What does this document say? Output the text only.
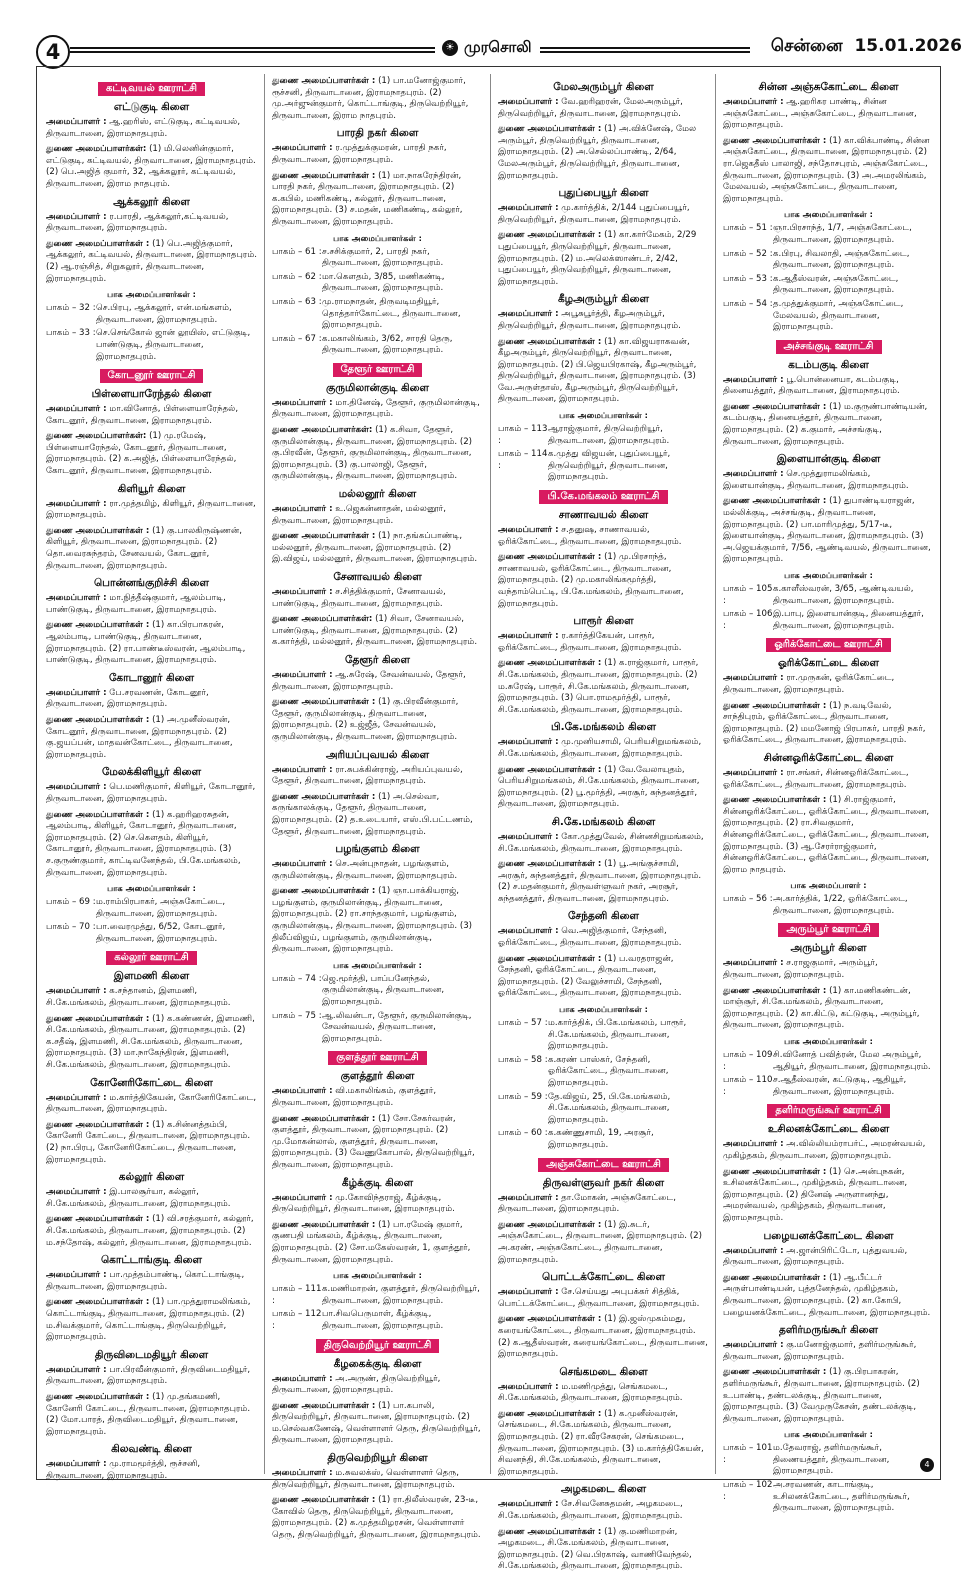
4	☀ முரசொலி	சென்னை 15.01.2026
கட்டிவயல் ஊராட்சி
எட்டுகுடி கிளை
அமைப்பாளர் : ஆ.ஹரிஸ், எட்டுகுடி, கட்டிவயல், திருவாடானை, இராமநாதபுரம்.
துணை அமைப்பாளர்கள்: (1) மி.லெனின்குமார், எட்டுகுடி, கட்டிவயல், திருவாடானை, இராமநாதபுரம். (2) பெ.அஜித் குமார், 32, ஆக்கலூர், கட்டிவயல், திருவாடானை, இராம நாதபுரம்.
ஆக்கலூர் கிளை
அமைப்பாளர் : ர.பாரதி, ஆக்கலூர்,கட்டிவயல், திருவாடானை, இராமநாதபுரம்.
துணை அமைப்பாளர்கள் : (1) பெ.அஜித்குமார், ஆக்கலூர், கட்டிவயல், திருவாடானை, இராமநாதபுரம். (2) ஆ.ரஞ்சித், சிறுகலூர், திருவாடானை, இராமநாதபுரம்.
பாக அமைப்பாளர்கள் :
பாகம் – 32 : செ.பிரபு, ஆக்கலூர், என்.மங்களம், திருவாடானை, இராமநாதபுரம்.
பாகம் – 33 : செ.செங்கோல் ஜான் லூயிஸ், எட்டுகுடி, பாண்டுகுடி, திருவாடானை, இராமநாதபுரம்.
கோடனூர் ஊராட்சி
பிள்ளையாரேந்தல் கிளை
அமைப்பாளர் : மா.வினோத், பிள்ளையாரேந்தல், கோடனூர், திருவாடானை, இராமநாதபுரம்.
துணை அமைப்பாளர்கள்: (1) மு.ரமேஷ், பிள்ளையாரேந்தல், கோடனூர், திருவாடானை, இராமநாதபுரம். (2) க.அஜித், பிள்ளையாரேந்தல், கோடனூர், திருவாடானை, இராமநாதபுரம்.
கிளியூர் கிளை
அமைப்பாளர் : ரா.முத்தமிழ், கிளியூர், திருவாடானை, இராமநாதபுரம்.
துணை அமைப்பாளர்கள் : (1) கு.பாலகிருஷ்ணன், கிளியூர், திருவாடானை, இராமநாதபுரம். (2) தொ.வைரசுந்தரம், சேனவயல், கோடனூர், திருவாடானை, இராமநாதபுரம்.
பொன்னங்குறிச்சி கிளை
அமைப்பாளர் : மா.நித்தீஷ்குமார், ஆலம்பாடி, பாண்டுகுடி, திருவாடானை, இராமநாதபுரம்.
துணை அமைப்பாளர்கள் : (1) கா.பிரபாகரன், ஆலம்பாடி, பாண்டுகுடி, திருவாடானை, இராமநாதபுரம். (2) ரா.பாண்டீஸ்வரன், ஆலம்பாடி, பாண்டுகுடி, திருவாடானை, இராமநாதபுரம்.
கோடானூர் கிளை
அமைப்பாளர் : பே.சரவணன், கோடனூர், திருவாடானை, இராமநாதபுரம்.
துணை அமைப்பாளர்கள் : (1) அ.முனீஸ்வரன், கோடனூர், திருவாடானை, இராமநாதபுரம். (2) கு.ஜயப்பன், மாதவன்கோட்டை, திருவாடானை, இராமநாதபுரம்.
மேலக்கிளியூர் கிளை
அமைப்பாளர் : பெ.மணிகுமார், கிளியூர், கோடானூர், திருவாடானை, இராமநாதபுரம்.
துணை அமைப்பாளர்கள் : (1) க.ஹரிஹரசுதன், ஆலம்பாடி, கிளியூர், கோடானூர், திருவாடானை, இராமநாதபுரம். (2) செ.கௌதம், கிளியூர், கோடானூர், திருவாடானை, இராமநாதபுரம். (3) ச.குருண்குமார், காட்டிவனேந்தல், பி.கே.மங்கலம், திருவாடானை, இராமநாதபுரம்.
பாக அமைப்பாளர்கள் :
பாகம் – 69 : ம.ராம்பிரபாகர், அஞ்சுகோட்டை, திருவாடானை, இராமநாதபுரம்.
பாகம் – 70 : பா.வைரமுத்து, 6/52, கோடனூர், திருவாடானை, இராமநாதபுரம்.
கல்லூர் ஊராட்சி
இளமணி கிளை
அமைப்பாளர் : க.சந்தானம், இளமணி, சி.கே.மங்கலம், திருவாடானை, இராமநாதபுரம்.
துணை அமைப்பாளர்கள் : (1) க.கண்ணன், இளமணி, சி.கே.மங்கலம், திருவாடானை, இராமநாதபுரம். (2) க.சதீஷ், இளமணி, சி.கே.மங்கலம், திருவாடானை, இராமநாதபுரம். (3) மா.நாகேந்திரன், இளமணி, சி.கே.மங்கலம், திருவாடானை, இராமநாதபுரம்.
கோனேரிகோட்டை கிளை
அமைப்பாளர் : ம.கார்த்திகேயன், கோனேரிகோட்டை, திருவாடானை, இராமநாதபுரம்.
துணை அமைப்பாளர்கள் : (1) க.சின்னத்தம்பி, கோனேரி கோட்டை, திருவாடானை, இராமநாதபுரம். (2) நா.பிரபு, கோனேரிகோட்டை, திருவாடானை, இராமநாதபுரம்.
கல்லூர் கிளை
அமைப்பாளர் : இ.பாலசூர்யா, கல்லூர், சி.கே.மங்கலம், திருவாடானை, இராமநாதபுரம்.
துணை அமைப்பாளர்கள் : (1) வி.சரத்குமார், கல்லூர், சி.கே.மங்கலம், திருவாடானை, இராமநாதபுரம். (2) ம.சந்தோஷ், கல்லூர், திருவாடானை, இராமநாதபுரம்.
கொட்டாங்குடி கிளை
அமைப்பாளர் : பா.முத்தம்பாண்டி, கொட்டாங்குடி, திருவாடானை, இராமநாதபுரம்.
துணை அமைப்பாளர்கள் : (1) பா.முத்துராமலிங்கம், கொட்டாங்குடி, திருவாடானை, இராமநாதபுரம். (2) ம.சிவக்குமார், கொட்டாங்குடி, திருவெற்றியூர், இராமநாதபுரம்.
திருவிடைமதியூர் கிளை
அமைப்பாளர் : பா.பிரவீன்குமார், திருவிடைமதியூர், திருவாடானை, இராமநாதபுரம்.
துணை அமைப்பாளர்கள் : (1) மு.தங்கமணி, கோனேரி கோட்டை, திருவாடானை, இராமநாதபுரம். (2) மோ.பாரத், திருவிடைமதியூர், திருவாடானை, இராமநாதபுரம்.
கிலவண்டி கிளை
அமைப்பாளர் : மு.ராமமூர்த்தி, ரூச்சனி, திருவாடானை, இராமநாதபுரம்.
துணை அமைப்பாளர்கள் : (1) பா.மனோஜ்குமார், ரூச்சனி, திருவாடானை, இராமநாதபுரம். (2) மு.அர்ஜுன்குமார், கொட்டாங்குடி, திருவெற்றியூர், திருவாடானை, இராம நாதபுரம்.
பாரதி நகர் கிளை
அமைப்பாளர் : ர.முத்துக்குமரன், பாரதி நகர், திருவாடானை, இராமநாதபுரம்.
துணை அமைப்பாளர்கள் : (1) மா.நாகரேந்திரன், பாரதி நகர், திருவாடானை, இராமநாதபுரம். (2) க.கபில், மணிகண்டி, கல்லூர், திருவாடானை, இராமநாதபுரம். (3) ச.மதன், மணிகண்டி, கல்லூர், திருவாடானை, இராமநாதபுரம்.
பாக அமைப்பாளர்கள் :
பாகம் – 61 : ச.சசிக்குமார், 2, பாரதி நகர், திருவாடானை, இராமநாதபுரம்.
பாகம் – 62 : மா.கௌதம், 3/85, மணிகண்டி, திருவாடானை, இராமநாதபுரம்.
பாகம் – 63 : மு.ராமநாதன், திருவடிமதியூர், தொத்தார்கோட்டை, திருவாடானை, இராமநாதபுரம்.
பாகம் – 67 : க.மகாலிங்கம், 3/62, சாரதி தெரு, திருவாடானை, இராமநாதபுரம்.
தேளூர் ஊராட்சி
குருமிலான்குடி கிளை
அமைப்பாளர் : மா.தினேஷ், தேளூர், குருமிலான்குடி, திருவாடானை, இராமநாதபுரம்.
துணை அமைப்பாளர்கள்: (1) க.சிவா, தேளூர், குருமிலான்குடி, திருவாடானை, இராமநாதபுரம். (2) கு.பிரவீன், தேளூர், குருமிலான்குடி, திருவாடானை, இராமநாதபுரம். (3) கு.பாலாஜி, தேளூர், குருமிலான்குடி, திருவாடானை, இராமநாதபுரம்.
மல்லனூர் கிளை
அமைப்பாளர் : உ.ஜெகன்னாதன், மல்லனூர், திருவாடானை, இராமநாதபுரம்.
துணை அமைப்பாளர்கள் : (1) நா.தங்கப்பாண்டி, மல்லனூர், திருவாடானை, இராமநாதபுரம். (2) இ.விஜய், மல்லனூர், திருவாடானை, இராமநாதபுரம்.
சேனாவயல் கிளை
அமைப்பாளர் : ச.சித்திக்குமார், சேனாவயல், பாண்டுகுடி, திருவாடானை, இராமநாதபுரம்.
துணை அமைப்பாளர்கள்: (1) சிவா, சேனாவயல், பாண்டுகுடி, திருவாடானை, இராமநாதபுரம். (2) க.கார்த்தி, மல்லனூர், திருவாடானை, இராமநாதபுரம்.
தேளூர் கிளை
அமைப்பாளர் : ஆ.சுரேஷ், சேவன்வயல், தேளூர், திருவாடானை, இராமநாதபுரம்.
துணை அமைப்பாளர்கள் : (1) கு.பிரவீன்குமார், தேளூர், குருமிலான்குடி, திருவாடானை, இராமநாதபுரம். (2) உஜ்ஜீத், சேவன்வயல், குருமிலான்குடி, திருவாடானை, இராமநாதபுரம்.
அரியப்புவயல் கிளை
அமைப்பாளர் : ரா.சுபக்கின்ராஜ், அரியப்புவயல், தேளூர், திருவாடானை, இராமநாதபுரம்.
துணை அமைப்பாளர்கள் : (1) அ.செல்வா, கருங்காலக்குடி, தேளூர், திருவாடானை, இராமநாதபுரம். (2) த.உடையார், எஸ்.பி.பட்டணம், தேளூர், திருவாடானை, இராமநாதபுரம்.
பழங்குளம் கிளை
அமைப்பாளர் : செ.அன்புநாதன், பழங்குளம், குருமிலான்குடி, திருவாடானை, இராமநாதபுரம்.
துணை அமைப்பாளர்கள் : (1) ஞா.பாக்கியராஜ், பழங்குளம், குருமிலான்குடி, திருவாடானை, இராமநாதபுரம். (2) ரா.சாந்தகுமார், பழங்குளம், குருமிலான்குடி, திருவாடானை, இராமநாதபுரம். (3) திலீப்விஜய், பழங்குளம், குருமிலான்குடி, திருவாடானை, இராமநாதபுரம்.
பாக அமைப்பாளர்கள் :
பாகம் – 74 : ஜெ.மூர்த்தி, பாப்பனேந்தல், குருமிலான்குடி, திருவாடானை, இராமநாதபுரம்.
பாகம் – 75 : ஆ.லிவன்டா, தேளூர், குருமிலான்குடி, சேவன்வயல், திருவாடானை, இராமநாதபுரம்.
குளத்தூர் ஊராட்சி
குளத்தூர் கிளை
அமைப்பாளர் : வி.மகாலிங்கம், குளத்தூர், திருவாடானை, இராமநாதபுரம்.
துணை அமைப்பாளர்கள் : (1) சோ.சேகர்வரன், குளத்தூர், திருவாடானை, இராமநாதபுரம். (2) மு.மோகன்லால், குளத்தூர், திருவாடானை, இராமநாதபுரம். (3) வேணுகோபால், திருவெற்றியூர், திருவாடானை, இராமநாதபுரம்.
கீழ்க்குடி கிளை
அமைப்பாளர் : மு.கோவிந்தராஜ், கீழ்க்குடி, திருவெற்றியூர், திருவாடானை, இராமநாதபுரம்.
துணை அமைப்பாளர்கள் : (1) பா.ரமேஷ் குமார், குணபதி மங்கலம், கீழ்க்குடி, திருவாடானை, இராமநாதபுரம். (2) சோ.மகேஸ்வரன், 1, குளத்தூர், திருவாடானை, இராமநாதபுரம்.
பாக அமைப்பாளர்கள் :
பாகம் – 111 :
க.மணிமாறன், குளத்தூர், திருவெற்றியூர், திருவாடானை, இராமநாதபுரம்.
பாகம் – 112 :
பா.சிவபெருமாள், கீழ்க்குடி, திருவாடானை, இராமநாதபுரம்.
திருவெற்றியூர் ஊராட்சி
கீழகைக்குடி கிளை
அமைப்பாளர் : அ.அருண், திருவெற்றியூர், திருவாடானை, இராமநாதபுரம்.
துணை அமைப்பாளர்கள் : (1) பா.கபாலி, திருவெற்றியூர், திருவாடானை, இராமநாதபுரம். (2) ம.செல்வகணேஷ், வெள்ளாளர் தெரு, திருவெற்றியூர், திருவாடானை, இராமநாதபுரம்.
திருவெற்றியூர் கிளை
அமைப்பாளர் : ம.சுவலக்ஸ், வெள்ளாளர் தெரு, திருவெற்றியூர், திருவாடானை, இராமநாதபுரம்.
துணை அமைப்பாளர்கள் : (1) ரா.திலீஸ்வரன், 23-டீ, கோவில் தெரு, திருவெற்றியூர், திருவாடானை, இராமநாதபுரம். (2) க.முத்தமிழரசன், வெள்ளாளர் தெரு, திருவெற்றியூர், திருவாடானை, இராமநாதபுரம்.
மேலஅரும்பூர் கிளை
அமைப்பாளர் : வே.ஹரிஹரன், மேலஅரும்பூர், திருவெற்றியூர், திருவாடானை, இராமநாதபுரம்.
துணை அமைப்பாளர்கள் : (1) அ.விக்னேஷ், மேல அரும்பூர், திருவெற்றியூர், திருவாடானை, இராமநாதபுரம். (2) அ.செல்லப்பாண்டி, 2/64, மேலஅரும்பூர், திருவெற்றியூர், திருவாடானை, இராமநாதபுரம்.
புதுப்பையூர் கிளை
அமைப்பாளர் : மு.கார்த்திக், 2/144 புதுப்பையூர், திருவெற்றியூர், திருவாடானை, இராமநாதபுரம்.
துணை அமைப்பாளர்கள் : (1) கா.கார்மேகம், 2/29 புதுப்பையூர், திருவெற்றியூர், திருவாடானை, இராமநாதபுரம். (2) ம.அலெக்ஸாண்டர், 2/42, புதுப்பையூர், திருவெற்றியூர், திருவாடானை, இராமநாதபுரம்.
கீழஅரும்பூர் கிளை
அமைப்பாளர் : அபூசுபூர்த்தி, கீழஅரும்பூர், திருவெற்றியூர், திருவாடானை, இராமநாதபுரம்.
துணை அமைப்பாளர்கள் : (1) கா.விஜயராகவன், கீழஅரும்பூர், திருவெற்றியூர், திருவாடானை, இராமநாதபுரம். (2) பி.ஜெயபிரகாஷ், கீழஅரும்பூர், திருவெற்றியூர், திருவாடானை, இராமநாதபுரம். (3) வே.அருள்தாஸ், கீழஅரும்பூர், திருவெற்றியூர், திருவாடானை, இராமநாதபுரம்.
பாக அமைப்பாளர்கள் :
பாகம் – 113 :
ஆராஜ்குமார், திருவெற்றியூர், திருவாடானை, இராமநாதபுரம்.
பாகம் – 114 :
க.முத்து விஜயன், புதுப்பையூர், திருவெற்றியூர், திருவாடானை, இராமநாதபுரம்.
பி.கே.மங்கலம் ஊராட்சி
சாணாவயல் கிளை
அமைப்பாளர் : ச.தனுஷ, சாணாவயல், ஓரிக்கோட்டை, திருவாடானை, இராமநாதபுரம்.
துணை அமைப்பாளர்கள் : (1) மு.பிரசாந்த், சாணாவயல், ஓரிக்கோட்டை, திருவாடானை, இராமநாதபுரம். (2) மு.மகாலிங்கமூர்த்தி, வந்தாம்பெட்டி, பி.கே.மங்கலம், திருவாடானை, இராமநாதபுரம்.
பாரூர் கிளை
அமைப்பாளர் : ர.கார்த்திகேயன், பாரூர், ஓரிக்கோட்டை, திருவாடானை, இராமநாதபுரம்.
துணை அமைப்பாளர்கள் : (1) க.ராஜ்குமார், பாரூர், சி.கே.மங்கலம், திருவாடானை, இராமநாதபுரம். (2) ம.சுரேஷ், பாரூர், சி.கே.மங்கலம், திருவாடானை, இராமநாதபுரம். (3) பொ.ராமமூர்த்தி, பாரூர், சி.கே.மங்கலம், திருவாடானை, இராமநாதபுரம்.
பி.கே.மங்கலம் கிளை
அமைப்பாளர் : மு.முனியசாமி, பெரியசிறுமங்கலம், சி.கே.மங்கலம், திருவாடானை, இராமநாதபுரம்.
துணை அமைப்பாளர்கள் : (1) வே.வேலாயுதம், பெரியசிறுமங்கலம், சி.கே.மங்கலம், திருவாடானை, இராமநாதபுரம். (2) பூ.மூர்த்தி, அரசூர், சுந்தனத்தூர், திருவாடானை, இராமநாதபுரம்.
சி.கே.மங்கலம் கிளை
அமைப்பாளர் : கோ.முத்துவேல், சின்னசிறுமங்கலம், சி.கே.மங்கலம், திருவாடானை, இராமநாதபுரம்.
துணை அமைப்பாளர்கள் : (1) பூ.அங்குச்சாமி, அரசூர், சுந்தனத்தூர், திருவாடானை, இராமநாதபுரம். (2) ச.மதன்குமார், திருவள்ளுவர் நகர், அரசூர், சுந்தனத்தூர், திருவாடானை, இராமநாதபுரம்.
சேந்தனி கிளை
அமைப்பாளர் : வெ.அஜித்குமார், சேந்தனி, ஓரிக்கோட்டை, திருவாடானை, இராமநாதபுரம்.
துணை அமைப்பாளர்கள் : (1) ப.வரதராஜன், சேந்தனி, ஓரிக்கோட்டை, திருவாடானை, இராமநாதபுரம். (2) வேலுச்சாமி, சேந்தனி, ஓரிக்கோட்டை, திருவாடானை, இராமநாதபுரம்.
பாக அமைப்பாளர்கள் :
பாகம் – 57 : ம.கார்த்திக், பி.கே.மங்கலம், பாரூர், சி.கே.மங்கலம், திருவாடானை, இராமநாதபுரம்.
பாகம் – 58 : க.கரண் பாஸ்கர், சேந்தனி, ஓரிக்கோட்டை, திருவாடானை, இராமநாதபுரம்.
பாகம் – 59 : தே.விஜய், 25, பி.கே.மங்கலம், சி.கே.மங்கலம், திருவாடானை, இராமநாதபுரம்.
பாகம் – 60 : க.கண்ணுசாமி, 19, அரசூர், இராமநாதபுரம்.
அஞ்சுகோட்டை ஊராட்சி
திருவள்ளுவர் நகர் கிளை
அமைப்பாளர் : தா.மோகன், அஞ்சுகோட்டை, திருவாடானை, இராமநாதபுரம்.
துணை அமைப்பாளர்கள் : (1) இ.சுடர், அஞ்சுகோட்டை, திருவாடானை, இராமநாதபுரம். (2) அ.கரண், அஞ்சுகோட்டை, திருவாடானை, இராமநாதபுரம்.
பொட்டக்கோட்டை கிளை
அமைப்பாளர் : சே.செய்யது அபுபக்கர் சித்திக், பொட்டக்கோட்டை, திருவாடானை, இராமநாதபுரம்.
துணை அமைப்பாளர்கள் : (1) இ.ஜஸ்முகம்மது, கரையங்கோட்டை, திருவாடானை, இராமநாதபுரம். (2) க.ஆதீஸ்வரன், கரையங்கோட்டை, திருவாடானை, இராமநாதபுரம்.
செங்கமடை கிளை
அமைப்பாளர் : ம.மணிமுத்து, செங்கமடை, சி.கே.மங்கலம், திருவாடானை, இராமநாதபுரம்.
துணை அமைப்பாளர்கள் : (1) க.முனீஸ்வரன், செங்கமடை, சி.கே.மங்கலம், திருவாடானை, இராமநாதபுரம். (2) ரா.வீரசேகரன், செங்கமடை, திருவாடானை, இராமநாதபுரம். (3) ம.கார்த்திகேயன், சிவனந்தி, சி.கே.மங்கலம், திருவாடானை, இராமநாதபுரம்.
அழகமடை கிளை
அமைப்பாளர் : சே.சிவனேசுதமன், அழகமடை, சி.கே.மங்கலம், திருவாடானை, இராமநாதபுரம்.
துணை அமைப்பாளர்கள் : (1) கு.மணிமாறன், அழகமடை, சி.கே.மங்கலம், திருவாடானை, இராமநாதபுரம். (2) வெ.பிரகாஷ், வாணிவேந்தல், சி.கே.மங்கலம், திருவாடானை, இராமநாதபுரம்.
சின்ன அஞ்சுகோட்டை கிளை
அமைப்பாளர் : ஆ.ஹரிகர பாண்டி, சின்ன அஞ்சுகோட்டை, அஞ்சுகோட்டை, திருவாடானை, இராமநாதபுரம்.
துணை அமைப்பாளர்கள் : (1) கா.விக்பாண்டி, சின்ன அஞ்சுகோட்டை, திருவாடானை, இராமநாதபுரம். (2) ரா.ஜெகதீஸ் பாலாஜி, சந்தோசபுரம், அஞ்சுகோட்டை, திருவாடானை, இராமநாதபுரம். (3) அ.அமரலிங்கம், மேலவயல், அஞ்சுகோட்டை, திருவாடானை, இராமநாதபுரம்.
பாக அமைப்பாளர்கள் :
பாகம் – 51 : ஞா.பிரசாந்த், 1/7, அஞ்சுகோட்டை, திருவாடானை, இராமநாதபுரம்.
பாகம் – 52 : க.பிரபு, சிவலாதி, அஞ்சுகோட்டை, திருவாடானை, இராமநாதபுரம்.
பாகம் – 53 : க.ஆதீஸ்வரன், அஞ்சுகோட்டை, திருவாடானை, இராமநாதபுரம்.
பாகம் – 54 : த.முத்துக்குமார், அஞ்சுகோட்டை, மேலவயல், திருவாடானை, இராமநாதபுரம்.
அச்சங்குடி ஊராட்சி
கடம்பகுடி கிளை
அமைப்பாளர் : பூ.பொன்னையா, கடம்பகுடி, தினையத்தூர், திருவாடானை, இராமநாதபுரம்.
துணை அமைப்பாளர்கள் : (1) ம.குருண்பாண்டியன், கடம்பகுடி, தினையத்தூர், திருவாடானை, இராமநாதபுரம். (2) க.குமார், அச்சங்குடி, திருவாடானை, இராமநாதபுரம்.
இளையான்குடி கிளை
அமைப்பாளர் : செ.முத்துராமலிங்கம், இளையான்குடி, திருவாடானை, இராமநாதபுரம்.
துணை அமைப்பாளர்கள் : (1) துபாண்டியராஜன், மல்லிக்குடி, அச்சங்குடி, திருவாடானை, இராமநாதபுரம். (2) பா.மாரிமுத்து, 5/17-டீ, இளையான்குடி, திருவாடானை, இராமநாதபுரம். (3) அ.ஜெயக்குமார், 7/56, ஆண்டிவயல், திருவாடானை, இராமநாதபுரம்.
பாக அமைப்பாளர்கள் :
பாகம் – 105 :
க.காளீஸ்வரன், 3/65, ஆண்டிவயல், திருவாடானை, இராமநாதபுரம்.
பாகம் – 106 :
இ.பாபு, இளையான்குடி, தினையத்தூர், திருவாடானை, இராமநாதபுரம்.
ஓரிக்கோட்டை ஊராட்சி
ஓரிக்கோட்டை கிளை
அமைப்பாளர் : ரா.முருகன், ஓரிக்கோட்டை, திருவாடானை, இராமநாதபுரம்.
துணை அமைப்பாளர்கள் : (1) ந.வடிவேல், சாந்திபுரம், ஓரிக்கோட்டை, திருவாடானை, இராமநாதபுரம். (2) மமனோஜ் பிரபாகர், பாரதி நகர், ஓரிக்கோட்டை, திருவாடானை, இராமநாதபுரம்.
சின்னஓரிக்கோட்டை கிளை
அமைப்பாளர் : ரா.சங்கர், சின்னஓரிக்கோட்டை, ஓரிக்கோட்டை, திருவாடானை, இராமநாதபுரம்.
துணை அமைப்பாளர்கள் : (1) சி.ராஜ்குமார், சின்னஓரிக்கோட்டை, ஓரிக்கோட்டை, திருவாடானை, இராமநாதபுரம். (2) ரா.சிவகுமார், சின்னஓரிக்கோட்டை, ஓரிக்கோட்டை, திருவாடானை, இராமநாதபுரம். (3) ஆ.சேரர்ராஜ்குமார், சின்னஓரிக்கோட்டை, ஓரிக்கோட்டை, திருவாடானை, இராம நாதபுரம்.
பாக அமைப்பாளர் :
பாகம் – 56 : அ.கார்த்திக், 1/22, ஓரிக்கோட்டை, திருவாடானை, இராமநாதபுரம்.
அரும்பூர் ஊராட்சி
அரும்பூர் கிளை
அமைப்பாளர் : ச.ராஜகுமார், அரும்பூர், திருவாடானை, இராமநாதபுரம்.
துணை அமைப்பாளர்கள் : (1) கா.மணிகண்டன், மாஞ்சூர், சி.கே.மங்கலம், திருவாடானை, இராமநாதபுரம். (2) கா.கிட்டு, கட்டுகுடி, அரும்பூர், திருவாடானை, இராமநாதபுரம்.
பாக அமைப்பாளர்கள் :
பாகம் – 109 :
சி.வினோத் பவித்ரன், மேல அரும்பூர், ஆதியூர், திருவாடானை, இராமநாதபுரம்.
பாகம் – 110 :
ச.ஆதீஸ்வரன், கட்டுகுடி, ஆதியூர், திருவாடானை, இராமநாதபுரம்.
தளிர்மருங்கூர் ஊராட்சி
உசிலனக்கோட்டை கிளை
அமைப்பாளர் : அ.வில்லியம்ராபர்ட், அமரன்வயல், முகிழ்தகம், திருவாடானை, இராமநாதபுரம்.
துணை அமைப்பாளர்கள் : (1) செ.அன்புநகன், உசிலனக்கோட்டை, முகிழ்தகம், திருவாடானை, இராமநாதபுரம். (2) தினேஷ் அருளானந்து, அமரன்வயல், முகிழ்தகம், திருவாடானை, இராமநாதபுரம்.
பழையனக்கோட்டை கிளை
அமைப்பாளர் : அ.ஜான்பிரிட்டோ, புத்துவயல், திருவாடானை, இராமநாதபுரம்.
துணை அமைப்பாளர்கள் : (1) ஆ.பீட்டர் அருள்பாண்டியன், புத்தனேந்தல், முகிழ்தகம், திருவாடானை, இராமநாதபுரம். (2) கா.கோபி, பழையனக்கோட்டை, திருவாடானை, இராமநாதபுரம்.
தளிர்மருங்கூர் கிளை
அமைப்பாளர் : கு.மனோஜ்குமார், தளிர்மருங்கூர், திருவாடானை, இராமநாதபுரம்.
துணை அமைப்பாளர்கள் : (1) கு.பிரபாகரன், தளிர்மருங்கூர், திருவாடானை, இராமநாதபுரம். (2) உ.பாண்டி, தண்டலக்குடி, திருவாடானை, இராமநாதபுரம். (3) வேமுருகேசன், தண்டலக்குடி, திருவாடானை, இராமநாதபுரம்.
பாக அமைப்பாளர்கள் :
பாகம் – 101 :
ம.தேவராஜ், தளிர்மருங்கூர், திணையத்தூர், திருவாடானை, இராமநாதபுரம்.
பாகம் – 102 :
அ.சரவணன், காடாங்குடி, உசிலனக்கோட்டை, தளிர்மருங்கூர், திருவாடானை, இராமநாதபுரம்.
4
